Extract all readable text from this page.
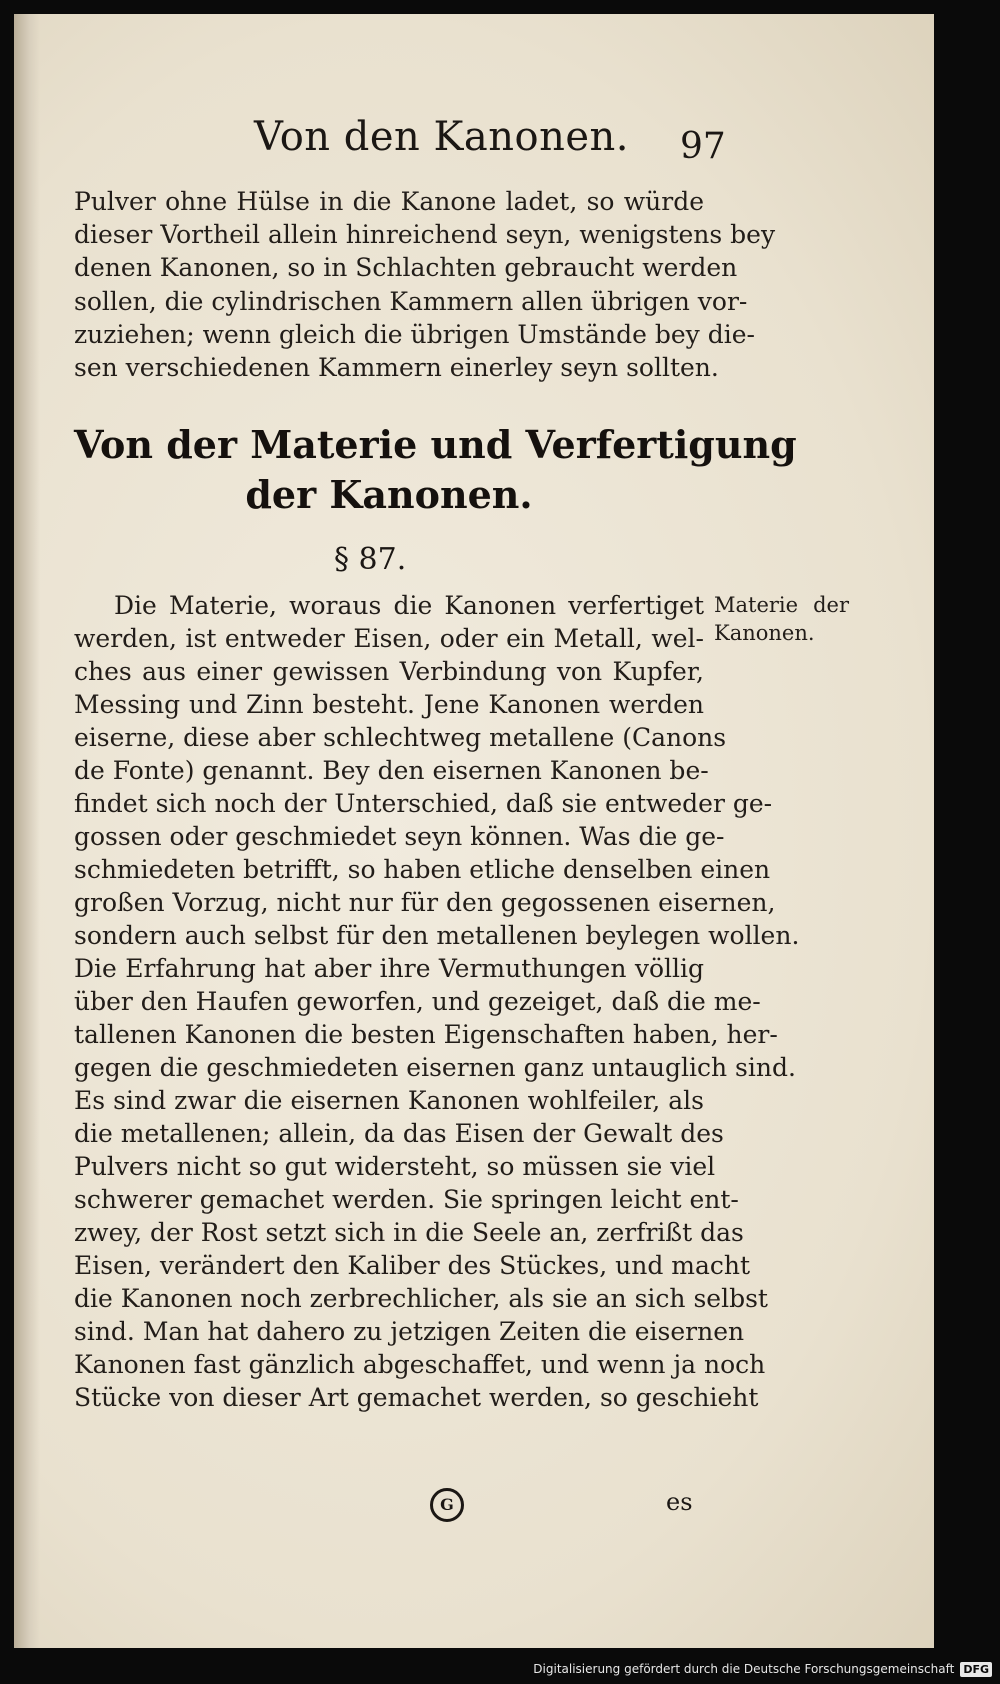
Von den Kanonen. 97
Pulver ohne Hülse in die Kanone ladet, so würde
dieser Vortheil allein hinreichend seyn, wenigstens bey
denen Kanonen, so in Schlachten gebraucht werden
sollen, die cylindrischen Kammern allen übrigen vor-
zuziehen; wenn gleich die übrigen Umstände bey die-
sen verschiedenen Kammern einerley seyn sollten.
Von der Materie und Verfertigung
der Kanonen.
§ 87.
Materie der
Kanonen.
Die Materie, woraus die Kanonen verfertiget
werden, ist entweder Eisen, oder ein Metall, wel-
ches aus einer gewissen Verbindung von Kupfer,
Messing und Zinn besteht. Jene Kanonen werden
eiserne, diese aber schlechtweg metallene (Canons
de Fonte) genannt. Bey den eisernen Kanonen be-
findet sich noch der Unterschied, daß sie entweder ge-
gossen oder geschmiedet seyn können. Was die ge-
schmiedeten betrifft, so haben etliche denselben einen
großen Vorzug, nicht nur für den gegossenen eisernen,
sondern auch selbst für den metallenen beylegen wollen.
Die Erfahrung hat aber ihre Vermuthungen völlig
über den Haufen geworfen, und gezeiget, daß die me-
tallenen Kanonen die besten Eigenschaften haben, her-
gegen die geschmiedeten eisernen ganz untauglich sind.
Es sind zwar die eisernen Kanonen wohlfeiler, als
die metallenen; allein, da das Eisen der Gewalt des
Pulvers nicht so gut widersteht, so müssen sie viel
schwerer gemachet werden. Sie springen leicht ent-
zwey, der Rost setzt sich in die Seele an, zerfrißt das
Eisen, verändert den Kaliber des Stückes, und macht
die Kanonen noch zerbrechlicher, als sie an sich selbst
sind. Man hat dahero zu jetzigen Zeiten die eisernen
Kanonen fast gänzlich abgeschaffet, und wenn ja noch
Stücke von dieser Art gemachet werden, so geschieht
G	es
Digitalisierung gefördert durch die Deutsche Forschungsgemeinschaft DFG
